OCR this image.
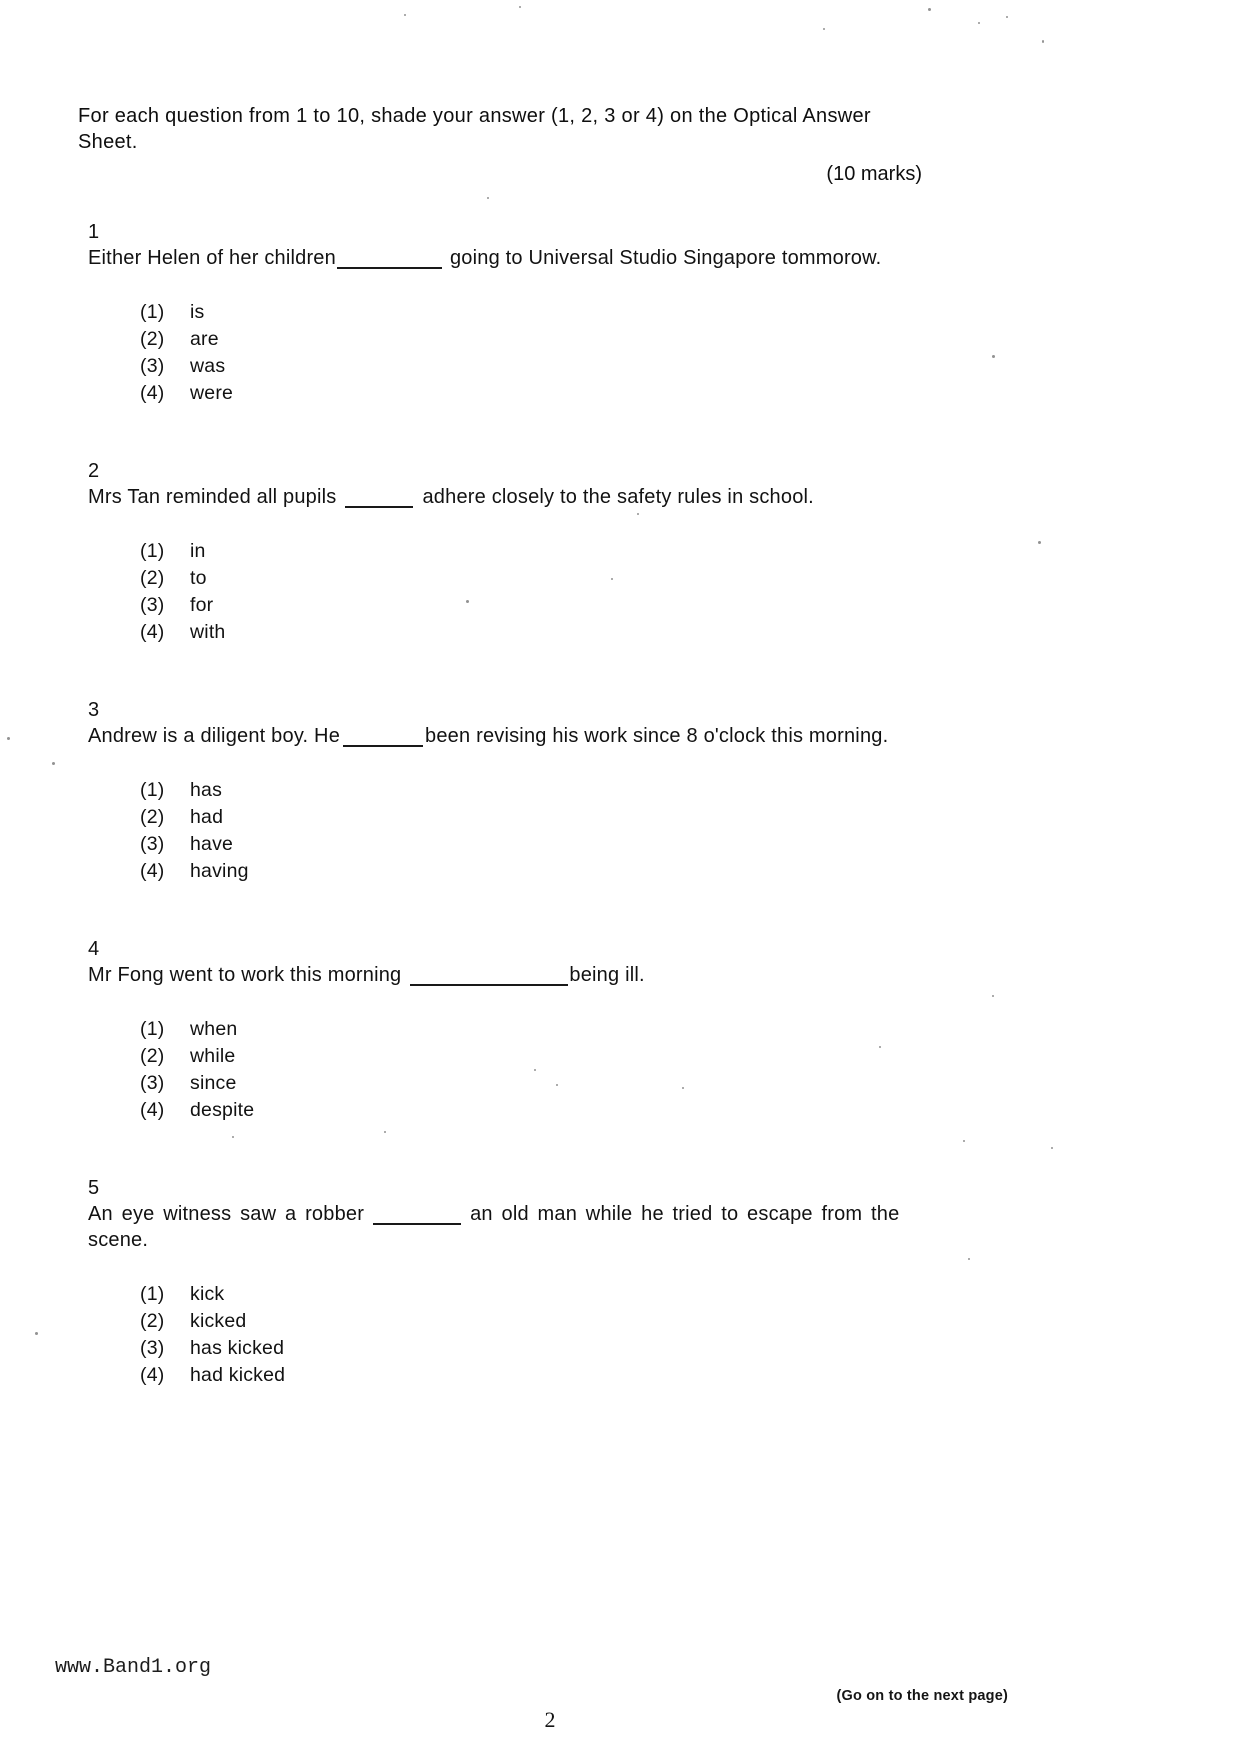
For each question from 1 to 10, shade your answer (1, 2, 3 or 4) on the Optical Answer Sheet.

(10 marks)
1Either Helen of her children	going to Universal Studio Singapore tommorow.
(1) is
(2) are
(3) was
(4) were
2Mrs Tan reminded all pupils	adhere closely to the safety rules in school.
(1) in
(2) to
(3) for
(4) with
3Andrew is a diligent boy. He	been revising his work since 8 o'clock this morning.
(1) has
(2) had
(3) have
(4) having
4Mr Fong went to work this morning	being ill.
(1) when
(2) while
(3) since
(4) despite
5An eye witness saw a robber	an old man while he tried to escape from the
scene.
(1) kick
(2) kicked
(3) has kicked
(4) had kicked
www.Band1.org
(Go on to the next page)
2
